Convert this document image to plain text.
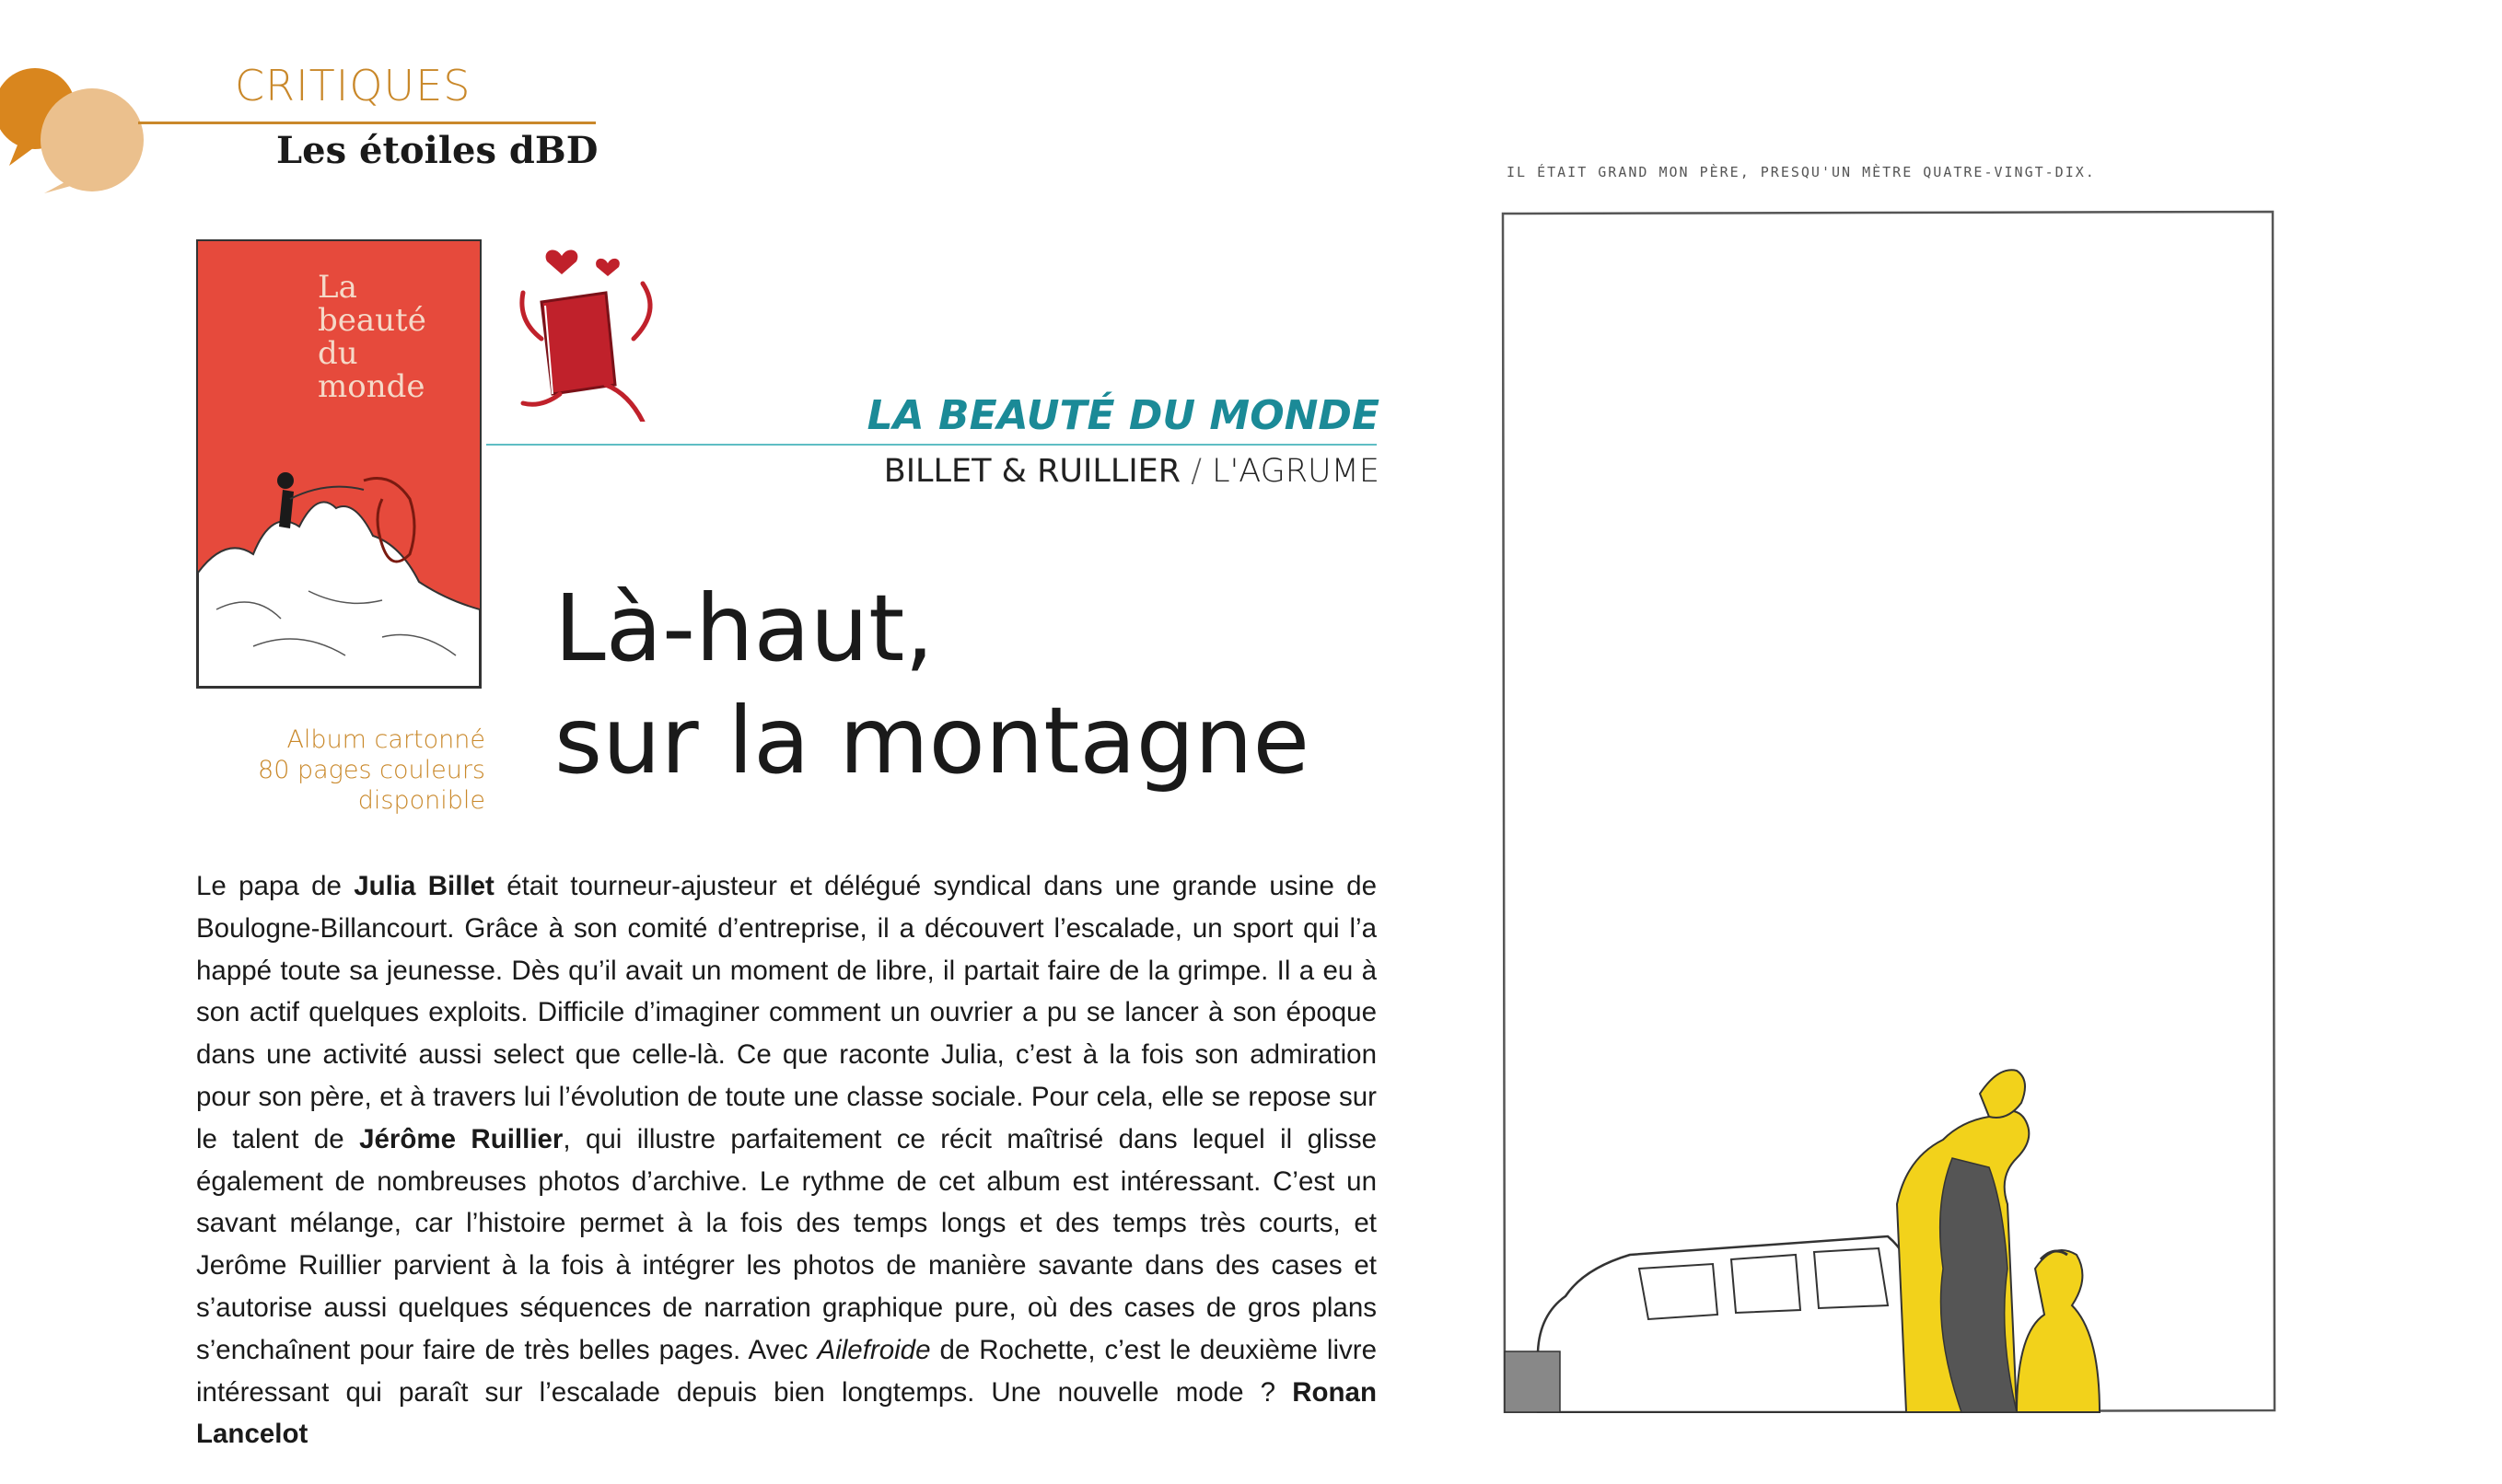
CRITIQUES
Les étoiles dBD
La
beauté
du
monde
Album cartonné
80 pages couleurs
disponible
LA BEAUTÉ DU MONDE
BILLET & RUILLIER / L'AGRUME
Là-haut,
sur la montagne

Le papa de Julia Billet était tourneur-ajusteur et délégué syndical dans une grande usine de Boulogne-Billancourt. Grâce à son comité d’entreprise, il a découvert l’escalade, un sport qui l’a happé toute sa jeunesse. Dès qu’il avait un moment de libre, il partait faire de la grimpe. Il a eu à son actif quelques exploits. Difficile d’imaginer comment un ouvrier a pu se lancer à son époque dans une activité aussi select que celle-là. Ce que raconte Julia, c’est à la fois son admiration pour son père, et à travers lui l’évolution de toute une classe sociale. Pour cela, elle se repose sur le talent de Jérôme Ruillier, qui illustre parfaitement ce récit maîtrisé dans lequel il glisse également de nombreuses photos d’archive. Le rythme de cet album est intéressant. C’est un savant mélange, car l’histoire permet à la fois des temps longs et des temps très courts, et Jerôme Ruillier parvient à la fois à intégrer les photos de manière savante dans des cases et s’autorise aussi quelques séquences de narration graphique pure, où des cases de gros plans s’enchaînent pour faire de très belles pages. Avec Ailefroide de Rochette, c’est le deuxième livre intéressant qui paraît sur l’escalade depuis bien longtemps. Une nouvelle mode ? Ronan Lancelot

IL ÉTAIT GRAND MON PÈRE, PRESQU'UN MÈTRE QUATRE-VINGT-DIX.
